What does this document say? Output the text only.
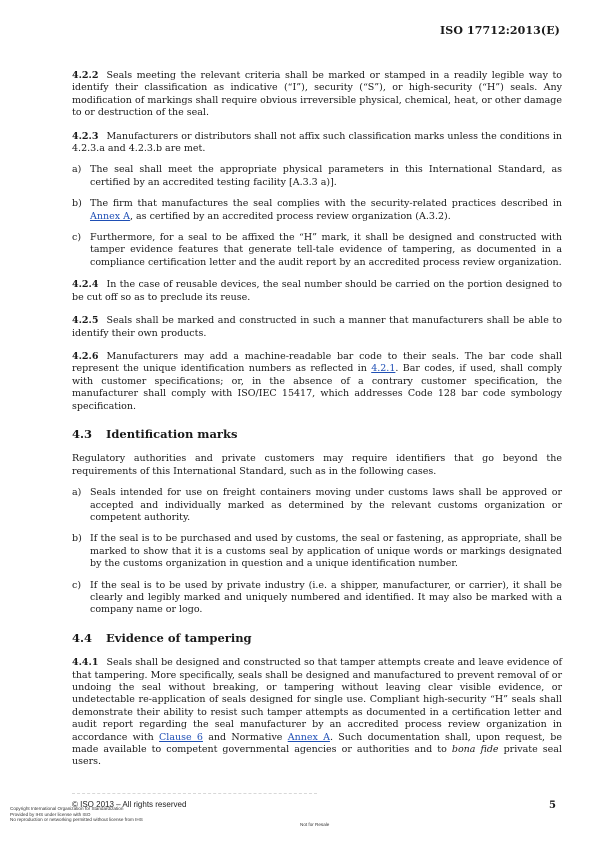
ISO 17712:2013(E)

4.2.2 Seals meeting the relevant criteria shall be marked or stamped in a readily legible way to identify their classification as indicative (“I”), security (“S”), or high-security (“H”) seals. Any modification of markings shall require obvious irreversible physical, chemical, heat, or other damage to or destruction of the seal.

4.2.3 Manufacturers or distributors shall not affix such classification marks unless the conditions in 4.2.3.a and 4.2.3.b are met.

a) The seal shall meet the appropriate physical parameters in this International Standard, as certified by an accredited testing facility [A.3.3 a)].
b) The firm that manufactures the seal complies with the security-related practices described in Annex A, as certified by an accredited process review organization (A.3.2).
c) Furthermore, for a seal to be affixed the “H” mark, it shall be designed and constructed with tamper evidence features that generate tell-tale evidence of tampering, as documented in a compliance certification letter and the audit report by an accredited process review organization.

4.2.4 In the case of reusable devices, the seal number should be carried on the portion designed to be cut off so as to preclude its reuse.

4.2.5 Seals shall be marked and constructed in such a manner that manufacturers shall be able to identify their own products.

4.2.6 Manufacturers may add a machine-readable bar code to their seals. The bar code shall represent the unique identification numbers as reflected in 4.2.1. Bar codes, if used, shall comply with customer specifications; or, in the absence of a contrary customer specification, the manufacturer shall comply with ISO/IEC 15417, which addresses Code 128 bar code symbology specification.

4.3	Identification marks

Regulatory authorities and private customers may require identifiers that go beyond the requirements of this International Standard, such as in the following cases.

a) Seals intended for use on freight containers moving under customs laws shall be approved or accepted and individually marked as determined by the relevant customs organization or competent authority.
b) If the seal is to be purchased and used by customs, the seal or fastening, as appropriate, shall be marked to show that it is a customs seal by application of unique words or markings designated by the customs organization in question and a unique identification number.
c) If the seal is to be used by private industry (i.e. a shipper, manufacturer, or carrier), it shall be clearly and legibly marked and uniquely numbered and identified. It may also be marked with a company name or logo.
4.4	Evidence of tampering

4.4.1 Seals shall be designed and constructed so that tamper attempts create and leave evidence of that tampering. More specifically, seals shall be designed and manufactured to prevent removal of or undoing the seal without breaking, or tampering without leaving clear visible evidence, or undetectable re-application of seals designed for single use. Compliant high-security “H” seals shall demonstrate their ability to resist such tamper attempts as documented in a certification letter and audit report regarding the seal manufacturer by an accredited process review organization in accordance with Clause 6 and Normative Annex A. Such documentation shall, upon request, be made available to competent governmental agencies or authorities and to bona fide private seal users.

© ISO 2013 – All rights reserved	5
Copyright International Organization for Standardization
Provided by IHS under license with ISO
No reproduction or networking permitted without license from IHS
Not for Resale
